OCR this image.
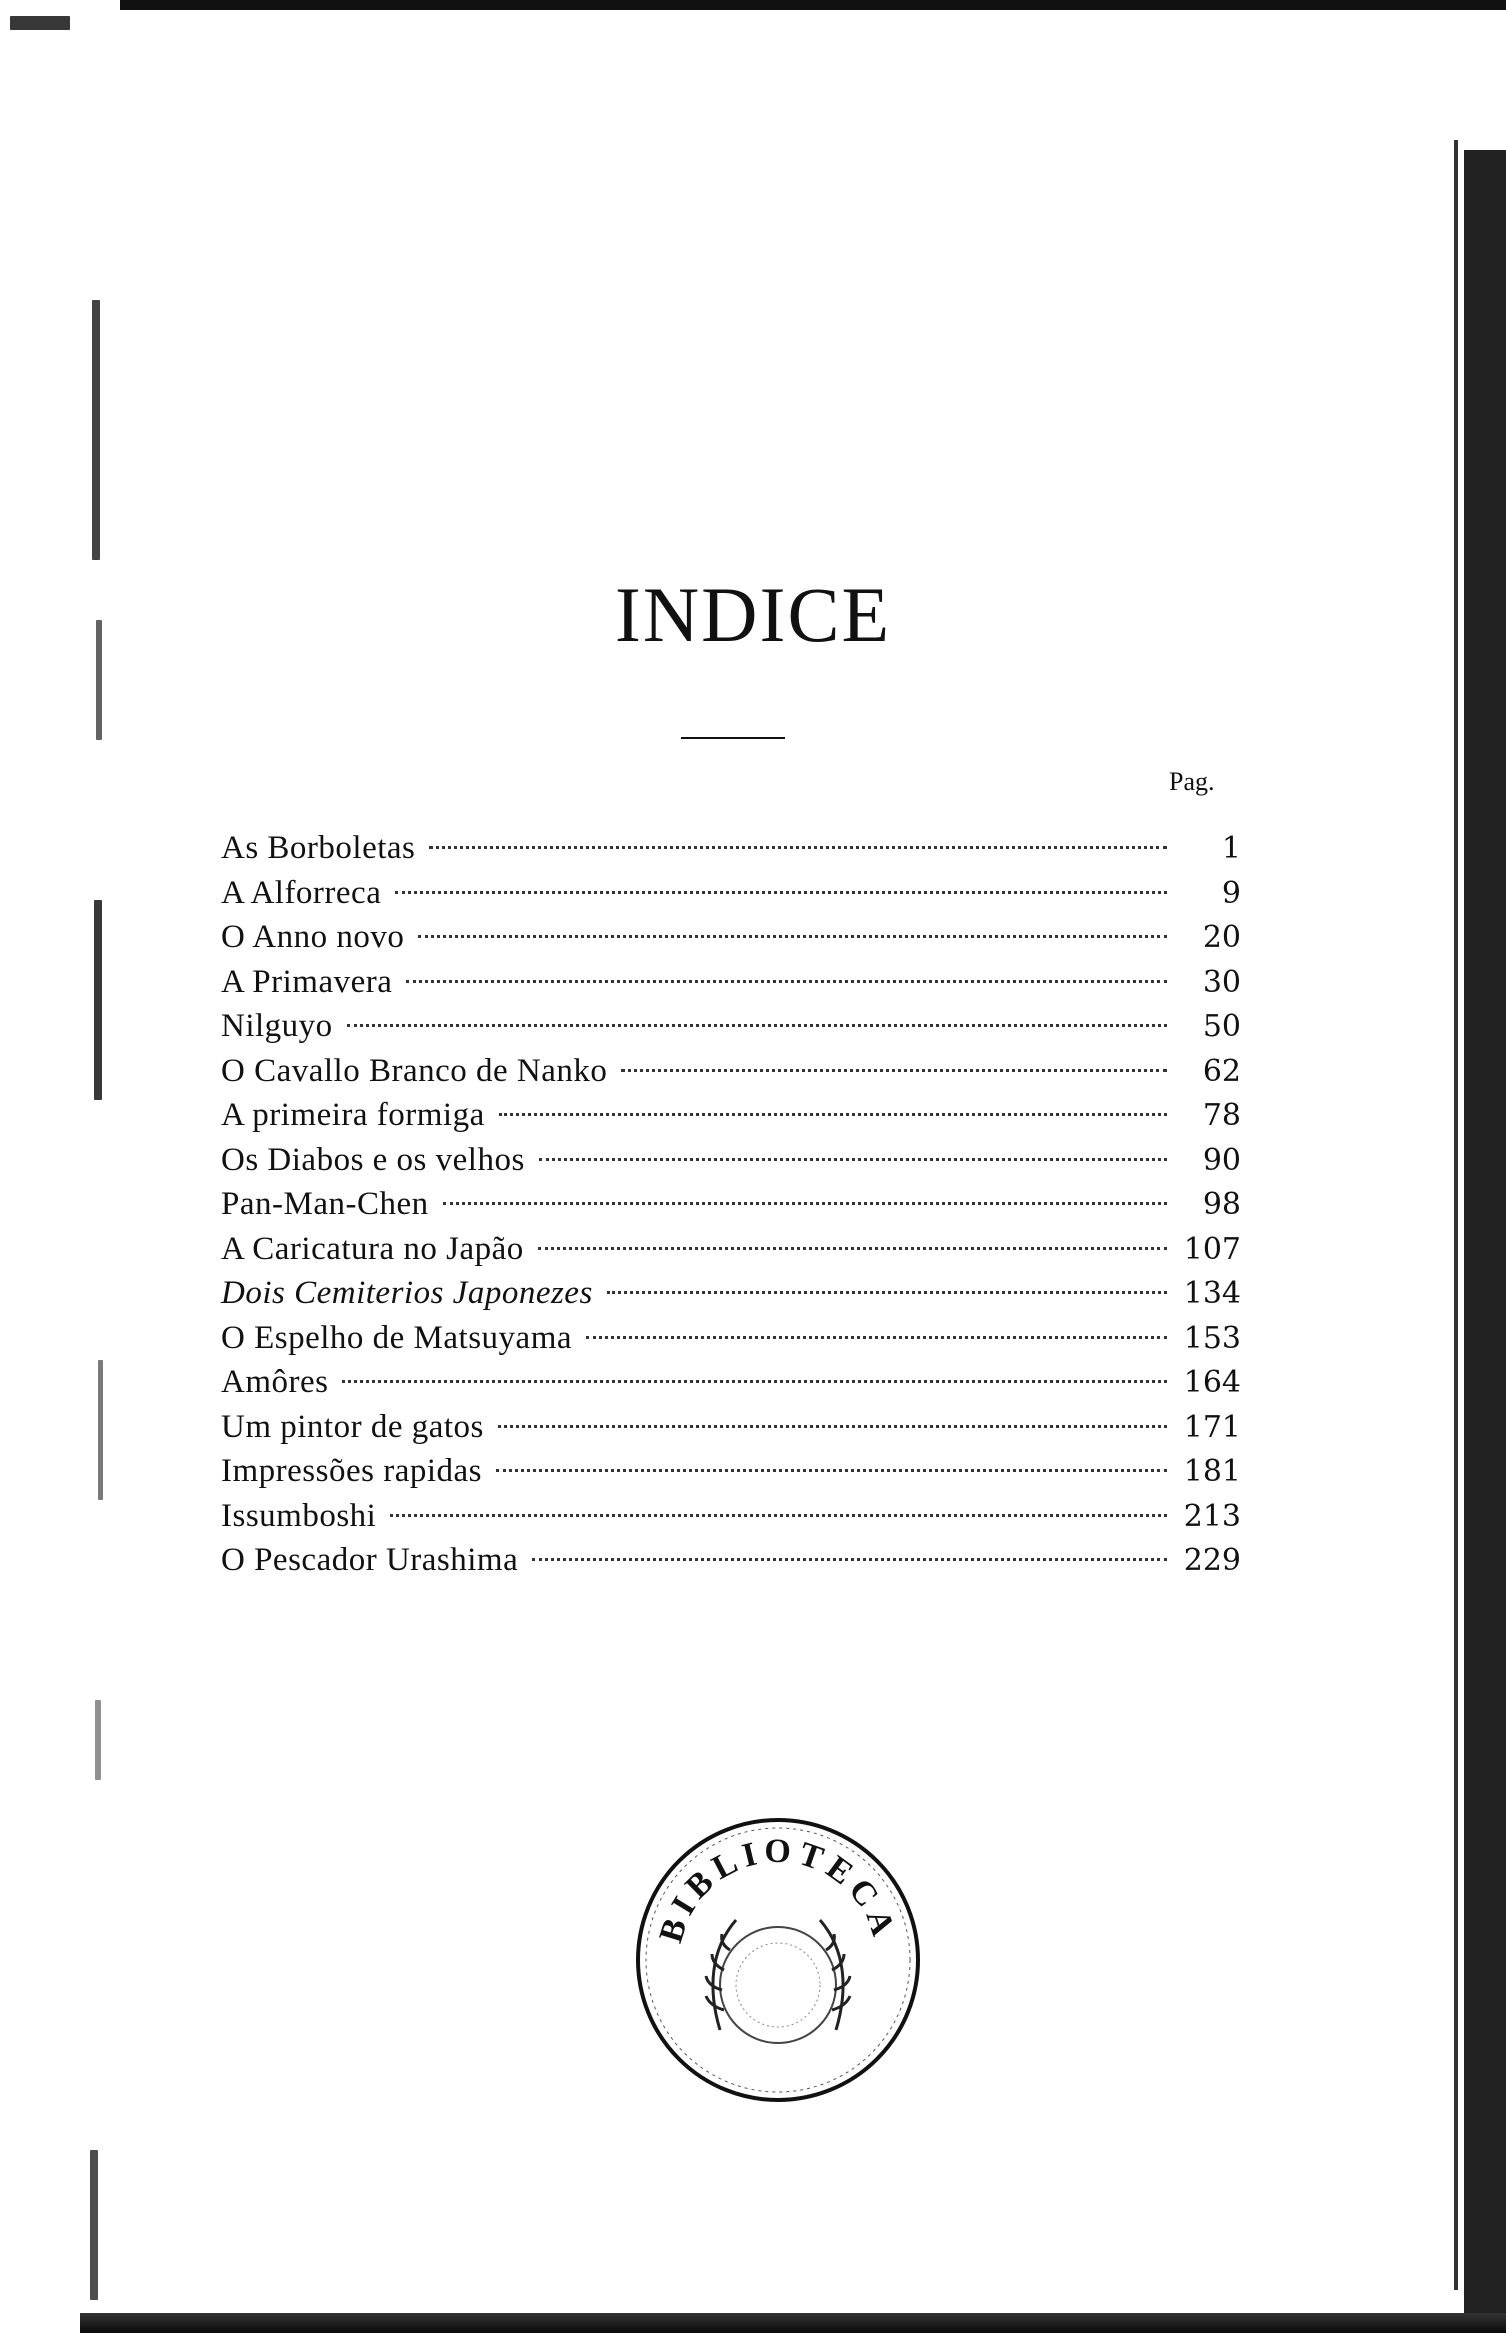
INDICE
Pag.
As Borboletas	1
A Alforreca	9
O Anno novo	20
A Primavera	30
Nilguyo	50
O Cavallo Branco de Nanko	62
A primeira formiga	78
Os Diabos e os velhos	90
Pan-Man-Chen	98
A Caricatura no Japão	107
Dois Cemiterios Japonezes	134
O Espelho de Matsuyama	153
Amôres	164
Um pintor de gatos	171
Impressões rapidas	181
Issumboshi	213
O Pescador Urashima	229
BIBLIOTECA
